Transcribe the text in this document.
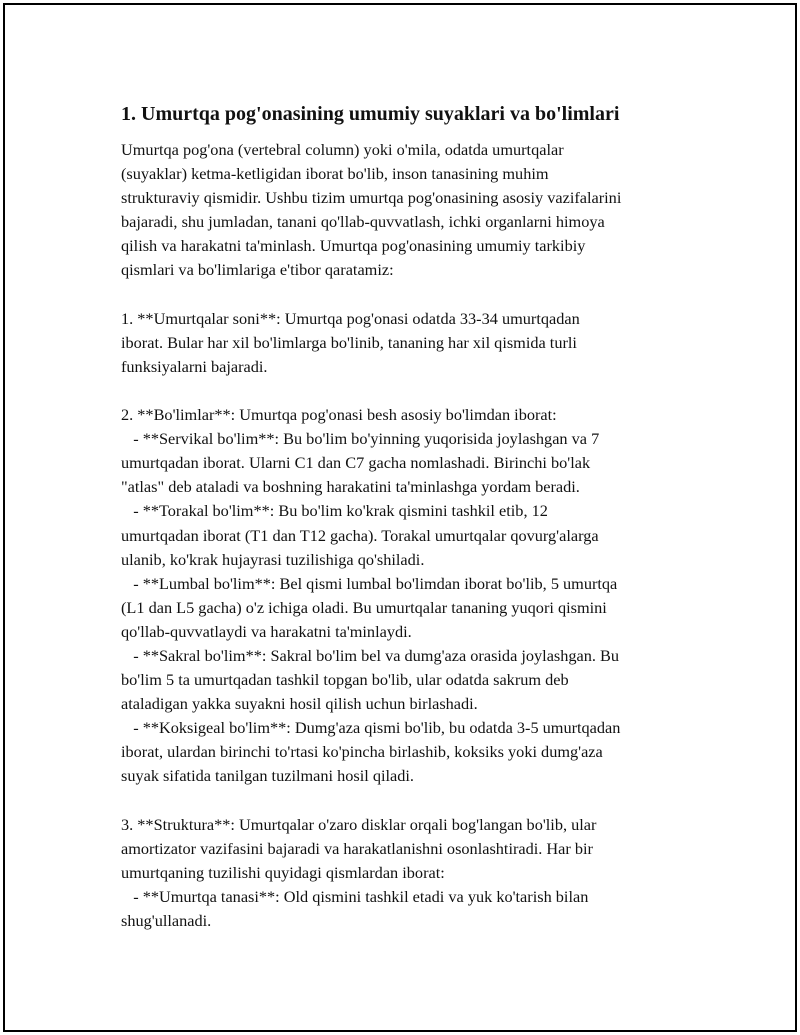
1. Umurtqa pog'onasining umumiy suyaklari va bo'limlari
Umurtqa pog'ona (vertebral column) yoki o'mila, odatda umurtqalar
(suyaklar) ketma-ketligidan iborat bo'lib, inson tanasining muhim
strukturaviy qismidir. Ushbu tizim umurtqa pog'onasining asosiy vazifalarini
bajaradi, shu jumladan, tanani qo'llab-quvvatlash, ichki organlarni himoya
qilish va harakatni ta'minlash. Umurtqa pog'onasining umumiy tarkibiy
qismlari va bo'limlariga e'tibor qaratamiz:
1. **Umurtqalar soni**: Umurtqa pog'onasi odatda 33-34 umurtqadan
iborat. Bular har xil bo'limlarga bo'linib, tananing har xil qismida turli
funksiyalarni bajaradi.
2. **Bo'limlar**: Umurtqa pog'onasi besh asosiy bo'limdan iborat:
- **Servikal bo'lim**: Bu bo'lim bo'yinning yuqorisida joylashgan va 7
umurtqadan iborat. Ularni C1 dan C7 gacha nomlashadi. Birinchi bo'lak
"atlas" deb ataladi va boshning harakatini ta'minlashga yordam beradi.
- **Torakal bo'lim**: Bu bo'lim ko'krak qismini tashkil etib, 12
umurtqadan iborat (T1 dan T12 gacha). Torakal umurtqalar qovurg'alarga
ulanib, ko'krak hujayrasi tuzilishiga qo'shiladi.
- **Lumbal bo'lim**: Bel qismi lumbal bo'limdan iborat bo'lib, 5 umurtqa
(L1 dan L5 gacha) o'z ichiga oladi. Bu umurtqalar tananing yuqori qismini
qo'llab-quvvatlaydi va harakatni ta'minlaydi.
- **Sakral bo'lim**: Sakral bo'lim bel va dumg'aza orasida joylashgan. Bu
bo'lim 5 ta umurtqadan tashkil topgan bo'lib, ular odatda sakrum deb
ataladigan yakka suyakni hosil qilish uchun birlashadi.
- **Koksigeal bo'lim**: Dumg'aza qismi bo'lib, bu odatda 3-5 umurtqadan
iborat, ulardan birinchi to'rtasi ko'pincha birlashib, koksiks yoki dumg'aza
suyak sifatida tanilgan tuzilmani hosil qiladi.
3. **Struktura**: Umurtqalar o'zaro disklar orqali bog'langan bo'lib, ular
amortizator vazifasini bajaradi va harakatlanishni osonlashtiradi. Har bir
umurtqaning tuzilishi quyidagi qismlardan iborat:
- **Umurtqa tanasi**: Old qismini tashkil etadi va yuk ko'tarish bilan
shug'ullanadi.
